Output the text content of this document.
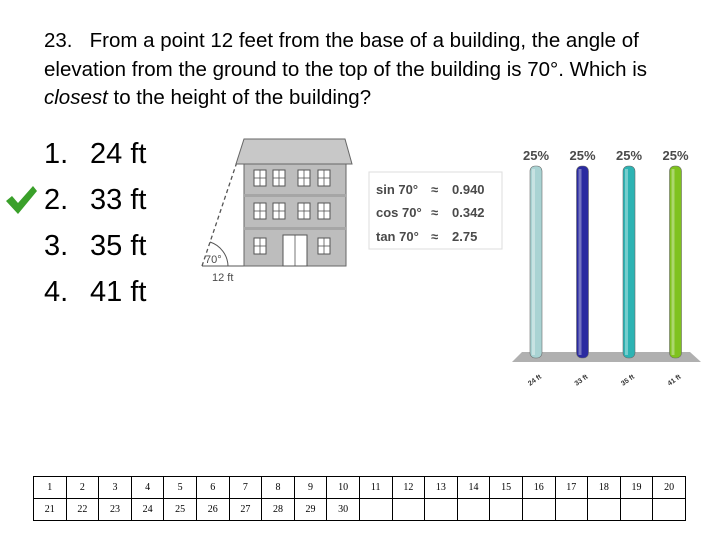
23. From a point 12 feet from the base of a building, the angle of elevation from the ground to the top of the building is 70°. Which is closest to the height of the building?

1. 24 ft
2. 33 ft
3. 35 ft
4. 41 ft
70°
12 ft
sin 70° ≈ 0.940
cos 70° ≈ 0.342
tan 70° ≈ 2.75
25%
24 ft
25%
33 ft
25%
35 ft
25%
41 ft
1	2	3	4	5	6	7	8	9	10	11	12	13	14	15	16	17	18	19	20
21	22	23	24	25	26	27	28	29	30										
